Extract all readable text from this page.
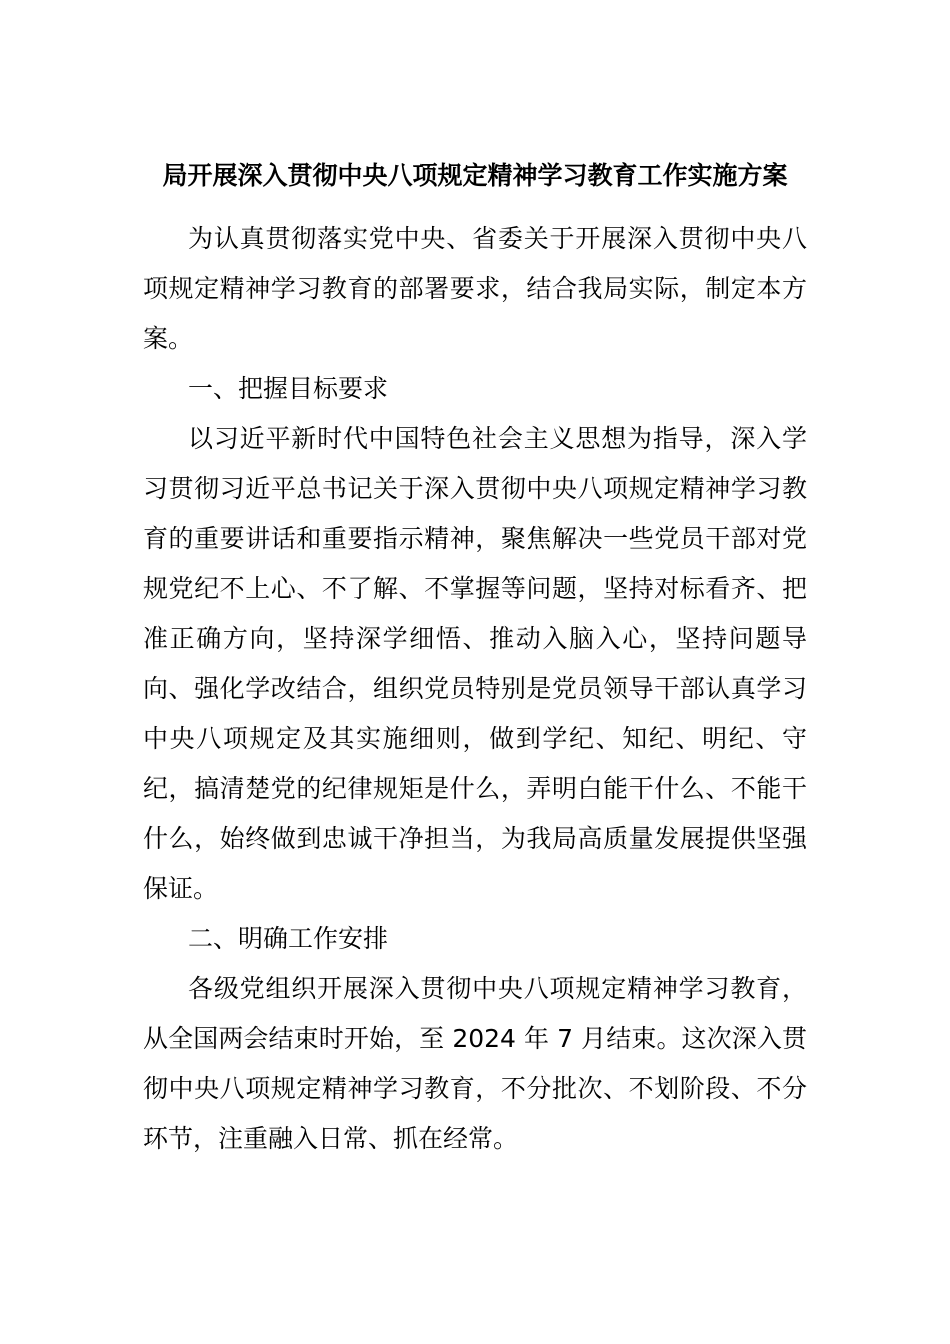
局开展深入贯彻中央八项规定精神学习教育工作实施方案

为认真贯彻落实党中央、省委关于开展深入贯彻中央八项规定精神学习教育的部署要求，结合我局实际，制定本方案。

一、把握目标要求

以习近平新时代中国特色社会主义思想为指导，深入学习贯彻习近平总书记关于深入贯彻中央八项规定精神学习教育的重要讲话和重要指示精神，聚焦解决一些党员干部对党规党纪不上心、不了解、不掌握等问题，坚持对标看齐、把准正确方向，坚持深学细悟、推动入脑入心，坚持问题导向、强化学改结合，组织党员特别是党员领导干部认真学习中央八项规定及其实施细则，做到学纪、知纪、明纪、守纪，搞清楚党的纪律规矩是什么，弄明白能干什么、不能干什么，始终做到忠诚干净担当，为我局高质量发展提供坚强保证。

二、明确工作安排

各级党组织开展深入贯彻中央八项规定精神学习教育，从全国两会结束时开始，至 2024 年 7 月结束。这次深入贯彻中央八项规定精神学习教育，不分批次、不划阶段、不分环节，注重融入日常、抓在经常。
